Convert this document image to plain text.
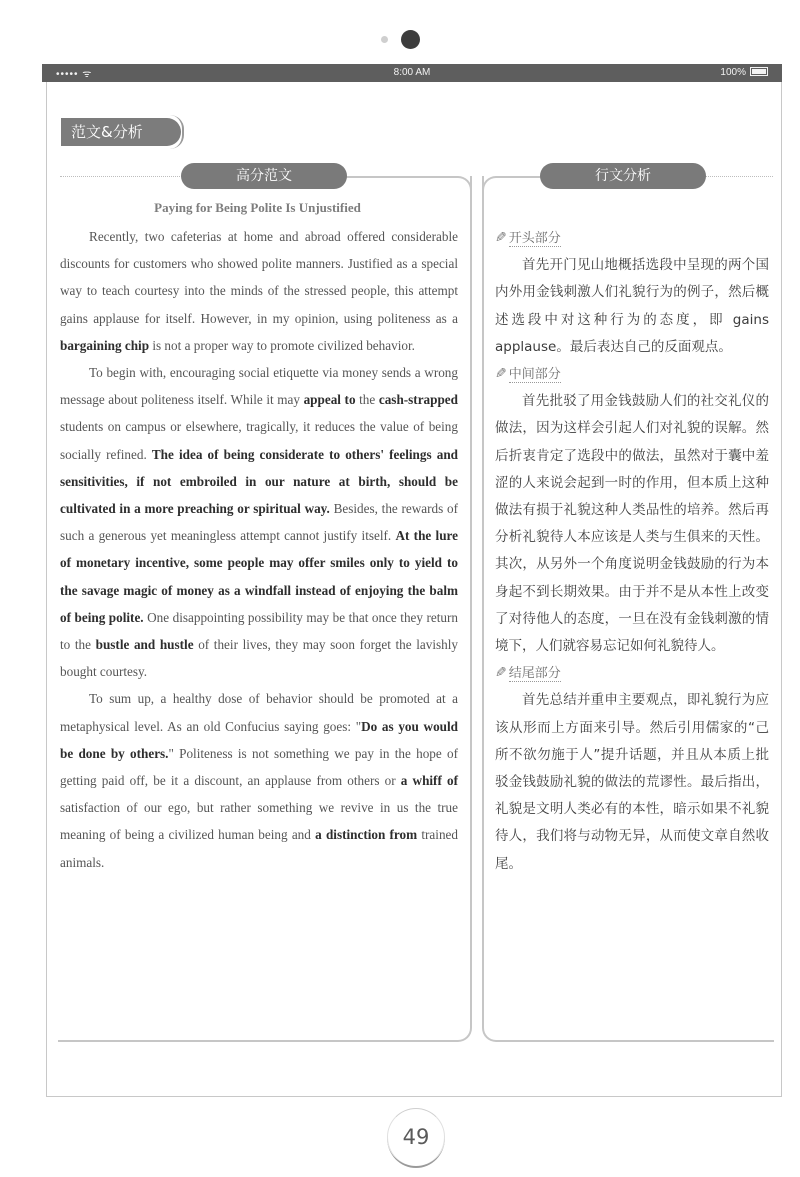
••••• ᯤ	8:00 AM	100%
范文&分析
高分范文
Paying for Being Polite Is Unjustified

Recently, two cafeterias at home and abroad offered considerable discounts for customers who showed polite manners. Justified as a special way to teach courtesy into the minds of the stressed people, this attempt gains applause for itself. However, in my opinion, using politeness as a bargaining chip is not a proper way to promote civilized behavior.

To begin with, encouraging social etiquette via money sends a wrong message about politeness itself. While it may appeal to the cash-strapped students on campus or elsewhere, tragically, it reduces the value of being socially refined. The idea of being considerate to others' feelings and sensitivities, if not embroiled in our nature at birth, should be cultivated in a more preaching or spiritual way. Besides, the rewards of such a generous yet meaningless attempt cannot justify itself. At the lure of monetary incentive, some people may offer smiles only to yield to the savage magic of money as a windfall instead of enjoying the balm of being polite. One disappointing possibility may be that once they return to the bustle and hustle of their lives, they may soon forget the lavishly bought courtesy.

To sum up, a healthy dose of behavior should be promoted at a metaphysical level. As an old Confucius saying goes: "Do as you would be done by others." Politeness is not something we pay in the hope of getting paid off, be it a discount, an applause from others or a whiff of satisfaction of our ego, but rather something we revive in us the true meaning of being a civilized human being and a distinction from trained animals.

行文分析
✎ 开头部分

首先开门见山地概括选段中呈现的两个国内外用金钱刺激人们礼貌行为的例子，然后概述选段中对这种行为的态度，即 gains applause。最后表达自己的反面观点。

✎ 中间部分

首先批驳了用金钱鼓励人们的社交礼仪的做法，因为这样会引起人们对礼貌的误解。然后折衷肯定了选段中的做法，虽然对于囊中羞涩的人来说会起到一时的作用，但本质上这种做法有损于礼貌这种人类品性的培养。然后再分析礼貌待人本应该是人类与生俱来的天性。其次，从另外一个角度说明金钱鼓励的行为本身起不到长期效果。由于并不是从本性上改变了对待他人的态度，一旦在没有金钱刺激的情境下，人们就容易忘记如何礼貌待人。

✎ 结尾部分

首先总结并重申主要观点，即礼貌行为应该从形而上方面来引导。然后引用儒家的“己所不欲勿施于人”提升话题，并且从本质上批驳金钱鼓励礼貌的做法的荒谬性。最后指出，礼貌是文明人类必有的本性，暗示如果不礼貌待人，我们将与动物无异，从而使文章自然收尾。

49
